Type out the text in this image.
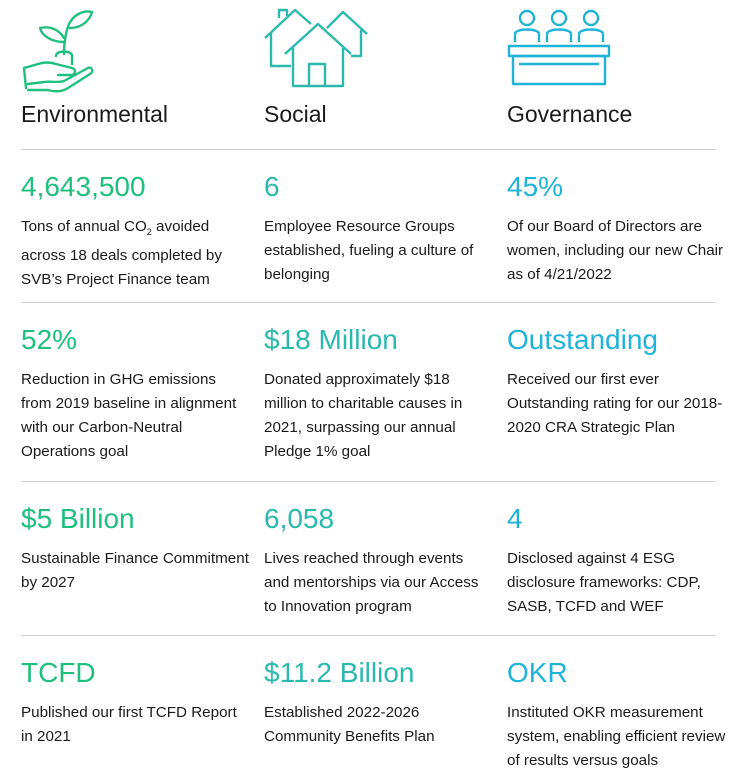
Environmental	Social	Governance
4,643,500

Tons of annual $CO_2$ avoided across 18 deals completed by SVB’s Project Finance team

6

Employee Resource Groups established, fueling a culture of belonging

45%

Of our Board of Directors are women, including our new Chair as of 4/21/2022

52%

Reduction in GHG emissions from 2019 baseline in alignment with our Carbon-Neutral Operations goal

$18 Million

Donated approximately $18 million to charitable causes in 2021, surpassing our annual Pledge 1% goal

Outstanding

Received our first ever Outstanding rating for our 2018-2020 CRA Strategic Plan

$5 Billion

Sustainable Finance Commitment by 2027

6,058

Lives reached through events and mentorships via our Access to Innovation program

4

Disclosed against 4 ESG disclosure frameworks: CDP, SASB, TCFD and WEF

TCFD

Published our first TCFD Report in 2021

$11.2 Billion

Established 2022-2026 Community Benefits Plan

OKR

Instituted OKR measurement system, enabling efficient review of results versus goals
